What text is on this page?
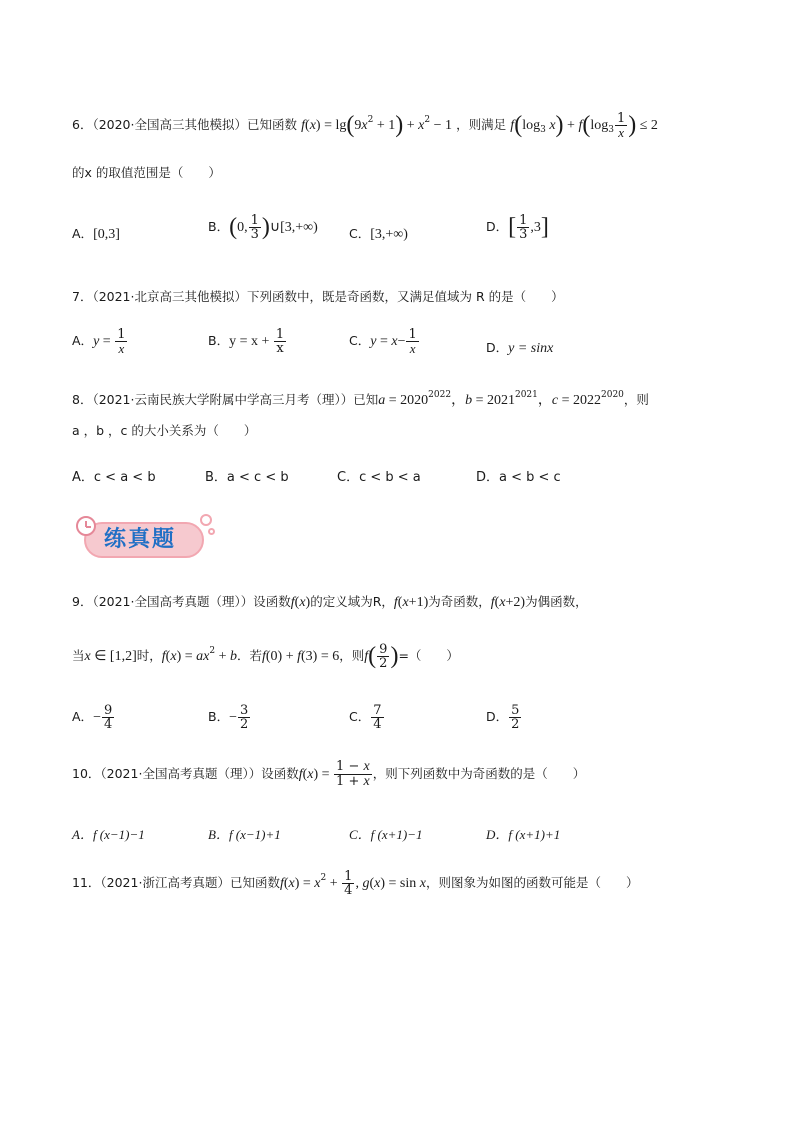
6．（2020·全国高三其他模拟）已知函数 $f(x) = \lg(9x^2 + 1) + x^2 - 1$ ，则满足 $f(\log_3$ $x) + f(\log_3 \frac{1}{x}$ ) ≤ 2
的x 的取值范围是（　　）
A．[0,3]
B．(0, $\frac{1}{3}$ )∪[3,+∞) C．[3,+∞)
D．[ $\frac{1}{3} ,3$]
7．（2021·北京高三其他模拟）下列函数中，既是奇函数，又满足值域为 R 的是（　　）
A．$y = \frac{1}{x}$	B．$y = x + \frac{1}{x}$	C．$y = x- \frac{1}{x}$	D．y = sinx
8．（2021·云南民族大学附属中学高三月考（理））已知$a = 2020^{2022}$，$b = 2021^{2021}$，$c = 2022^{2020}$，则
a ，b ，c 的大小关系为（　　）
A．c < a < b	B．a < c < b	C．c < b < a	D．a < b < c
练真题
9．（2021·全国高考真题（理））设函数f(x)的定义域为R，f(x+1)为奇函数，f(x+2)为偶函数，
当x ∈ [1,2]时，$f(x) = ax^2 + b$．若f(0) + f(3) = 6，则$f( \frac{9}{2}$ )=（　　）
A．− $\frac{9}{4}$	B．− $\frac{3}{2}$	C． $\frac{7}{4}$	D． $\frac{5}{2}$
10．（2021·全国高考真题（理））设函数$f(x) = \frac{1 - x}{1 + x}$ ，则下列函数中为奇函数的是（　　）
A．f (x−1)−1	B．f (x−1)+1	C．f (x+1)−1	D．f (x+1)+1
11．（2021·浙江高考真题）已知函数$f(x) = x^2 + \frac{1}{4}$ , g(x) = sin x，则图象为如图的函数可能是（　　）
